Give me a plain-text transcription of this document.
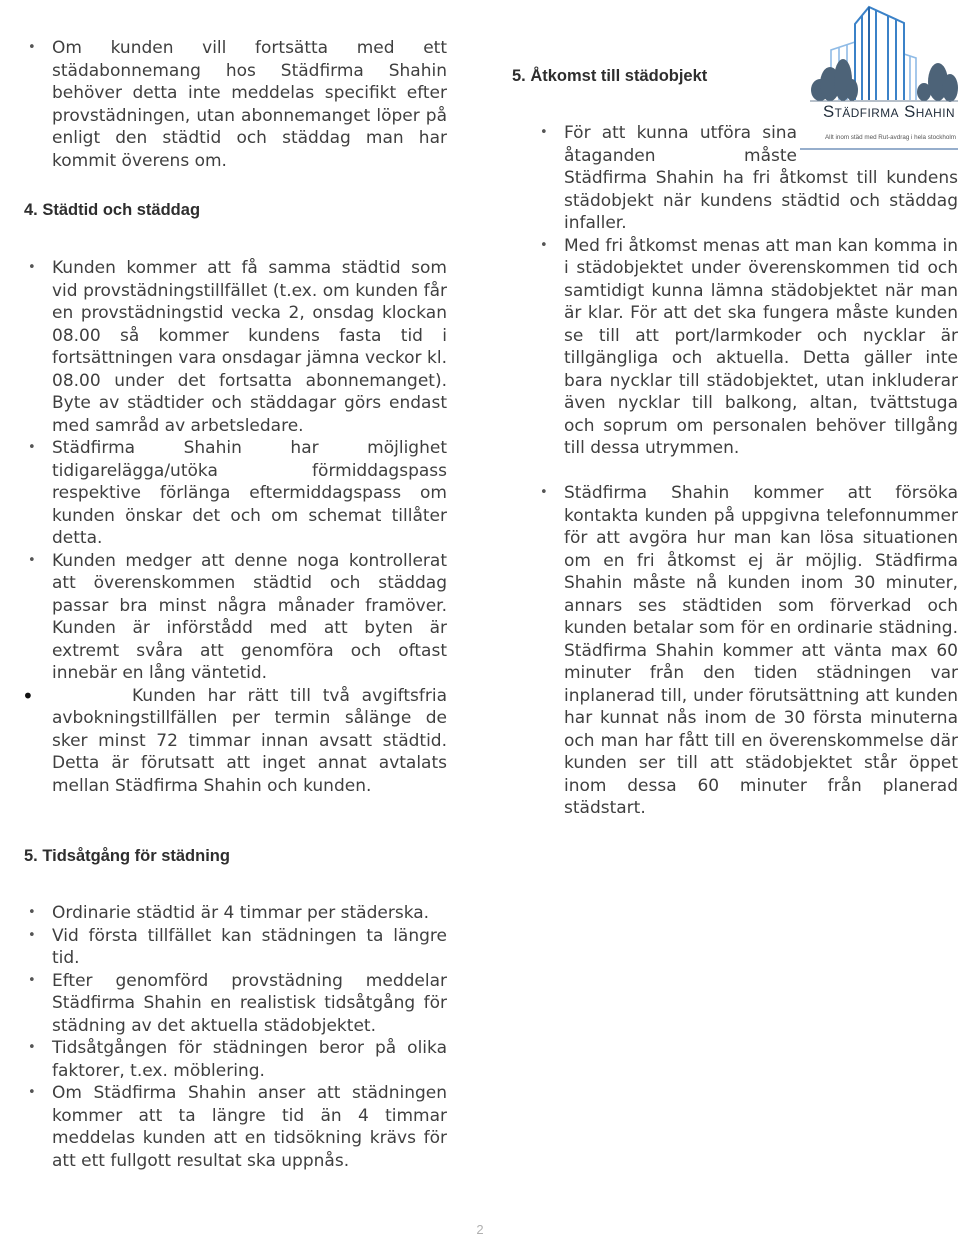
• Om kunden vill fortsätta med ett städabonnemang hos Städfirma Shahin behöver detta inte meddelas specifikt efter provstädningen, utan abonnemanget löper på enligt den städtid och städdag man har kommit överens om.
4. Städtid och städdag
• Kunden kommer att få samma städtid som vid provstädningstillfället (t.ex. om kunden får en provstädningstid vecka 2, onsdag klockan 08.00 så kommer kundens fasta tid i fortsättningen vara onsdagar jämna veckor kl. 08.00 under det fortsatta abonnemanget). Byte av städtider och städdagar görs endast med samråd av arbetsledare.
• Städfirma Shahin har möjlighet tidigarelägga/utöka förmiddagspass respektive förlänga eftermiddagspass om kunden önskar det och om schemat tillåter detta.
• Kunden medger att denne noga kontrollerat att överenskommen städtid och städdag passar bra minst några månader framöver. Kunden är införstådd med att byten är extremt svåra att genomföra och oftast innebär en lång väntetid.
• Kunden har rätt till två avgiftsfria avbokningstillfällen per termin sålänge de sker minst 72 timmar innan avsatt städtid. Detta är förutsatt att inget annat avtalats mellan Städfirma Shahin och kunden.
5. Tidsåtgång för städning
• Ordinarie städtid är 4 timmar per städerska.
• Vid första tillfället kan städningen ta längre tid.
• Efter genomförd provstädning meddelar Städfirma Shahin en realistisk tidsåtgång för städning av det aktuella städobjektet.
• Tidsåtgången för städningen beror på olika faktorer, t.ex. möblering.
• Om Städfirma Shahin anser att städningen kommer att ta längre tid än 4 timmar meddelas kunden att en tidsökning krävs för att ett fullgott resultat ska uppnås.
5. Åtkomst till städobjekt
• För att kunna utföra sina åtaganden måste Städfirma Shahin ha fri åtkomst till kundens städobjekt när kundens städtid och städdag infaller.
• Med fri åtkomst menas att man kan komma in i städobjektet under överenskommen tid och samtidigt kunna lämna städobjektet när man är klar. För att det ska fungera måste kunden se till att port/larmkoder och nycklar är tillgängliga och aktuella. Detta gäller inte bara nycklar till städobjektet, utan inkluderar även nycklar till balkong, altan, tvättstuga och soprum om personalen behöver tillgång till dessa utrymmen.
• Städfirma Shahin kommer att försöka kontakta kunden på uppgivna telefonnummer för att avgöra hur man kan lösa situationen om en fri åtkomst ej är möjlig. Städfirma Shahin måste nå kunden inom 30 minuter, annars ses städtiden som förverkad och kunden betalar som för en ordinarie städning. Städfirma Shahin kommer att vänta max 60 minuter från den tiden städningen var inplanerad till, under förutsättning att kunden har kunnat nås inom de 30 första minuterna och man har fått till en överenskommelse där kunden ser till att städobjektet står öppet inom dessa 60 minuter från planerad städstart.
Städfirma Shahin
Allt inom städ med Rut-avdrag i hela stockholm
2
